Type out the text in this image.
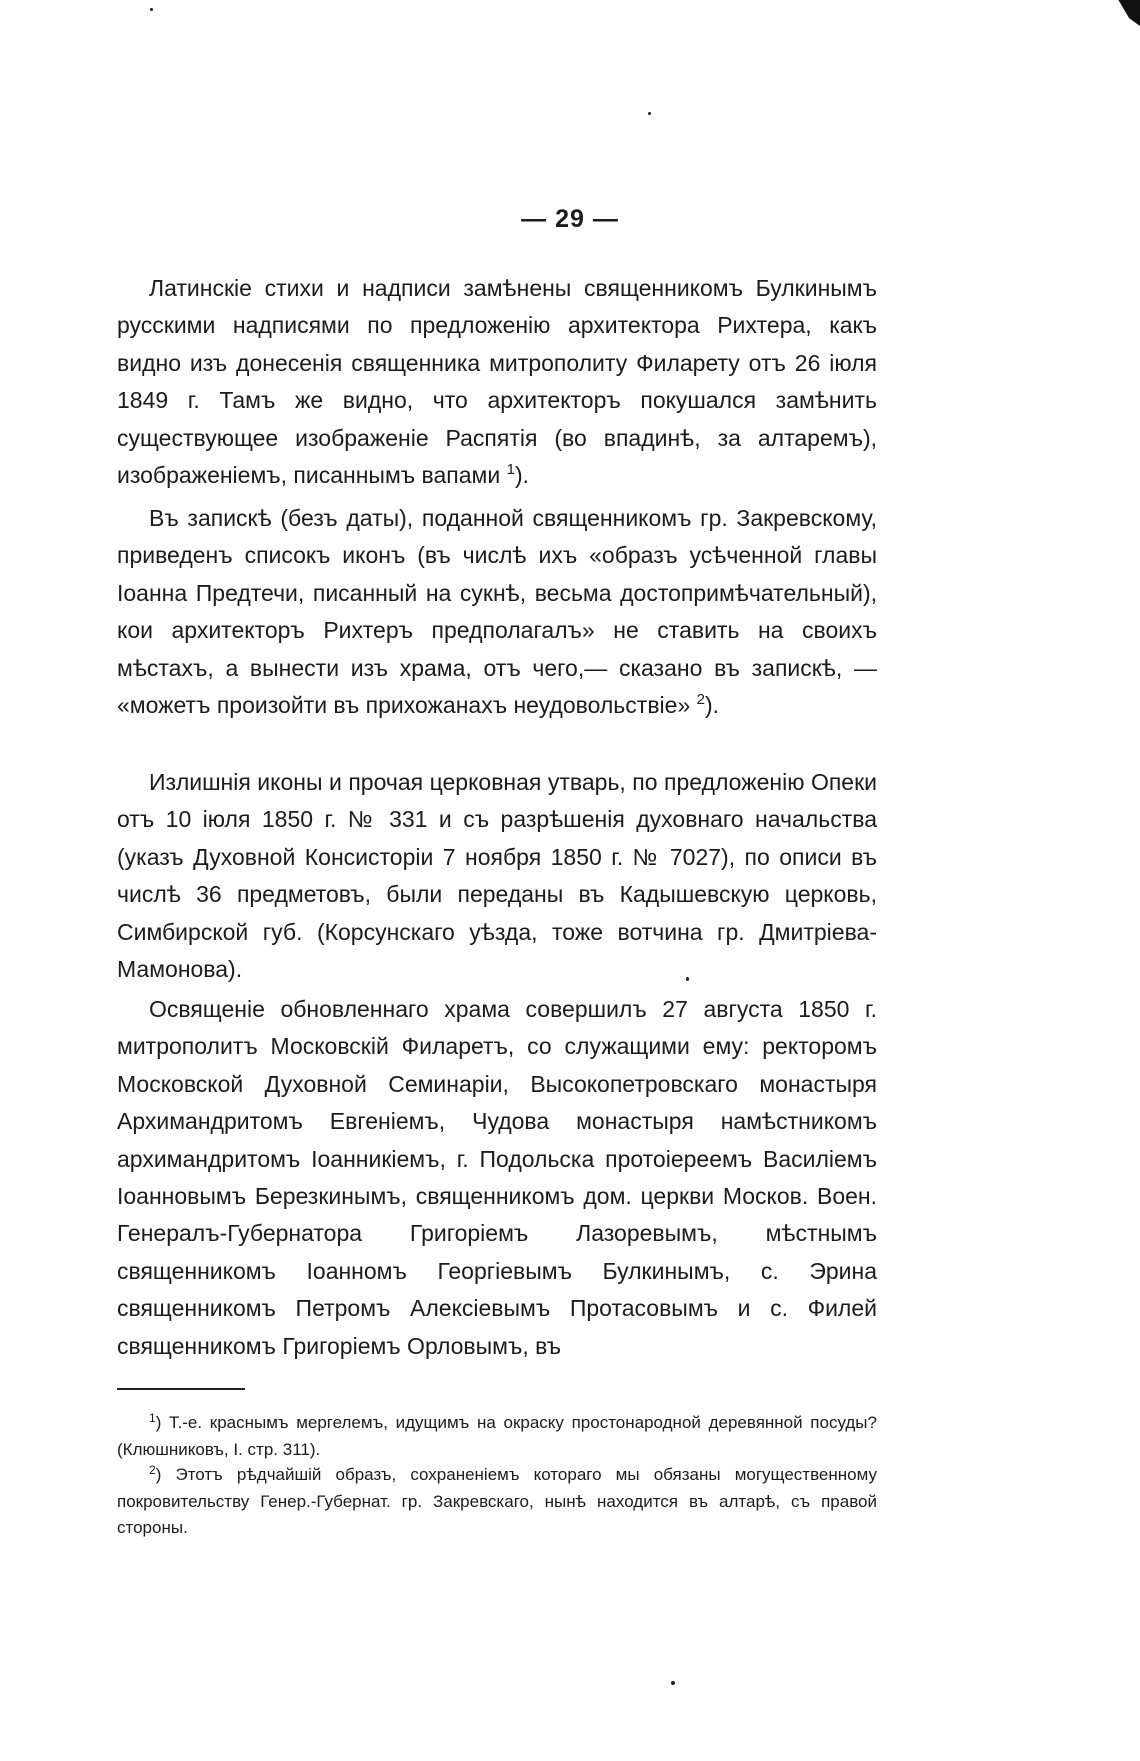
— 29 —

Латинскіе стихи и надписи замѣнены священникомъ Булкинымъ русскими надписями по предложенію архитектора Рихтера, какъ видно изъ донесенія священника митрополиту Филарету отъ 26 іюля 1849 г. Тамъ же видно, что архитекторъ покушался замѣнить существующее изображеніе Распятія (во впадинѣ, за алтаремъ), изображеніемъ, писаннымъ вапами $^1$).

Въ запискѣ (безъ даты), поданной священникомъ гр. Закревскому, приведенъ списокъ иконъ (въ числѣ ихъ «образъ усѣченной главы Іоанна Предтечи, писанный на сукнѣ, весьма достопримѣчательный), кои архитекторъ Рихтеръ предполагалъ» не ставить на своихъ мѣстахъ, а вынести изъ храма, отъ чего,— сказано въ запискѣ, — «можетъ произойти въ прихожанахъ неудовольствіе» $^2$).

Излишнія иконы и прочая церковная утварь, по предложенію Опеки отъ 10 іюля 1850 г. № 331 и съ разрѣшенія духовнаго начальства (указъ Духовной Консисторіи 7 ноября 1850 г. № 7027), по описи въ числѣ 36 предметовъ, были переданы въ Кадышевскую церковь, Симбирской губ. (Корсунскаго уѣзда, тоже вотчина гр. Дмитріева-Мамонова).

Освященіе обновленнаго храма совершилъ 27 августа 1850 г. митрополитъ Московскій Филаретъ, со служащими ему: ректоромъ Московской Духовной Семинаріи, Высокопетровскаго монастыря Архимандритомъ Евгеніемъ, Чудова монастыря намѣстникомъ архимандритомъ Іоанникіемъ, г. Подольска протоіереемъ Василіемъ Іоанновымъ Березкинымъ, священникомъ дом. церкви Москов. Воен. Генералъ-Губернатора Григоріемъ Лазоревымъ, мѣстнымъ священникомъ Іоанномъ Георгіевымъ Булкинымъ, с. Эрина священникомъ Петромъ Алексіевымъ Протасовымъ и с. Филей священникомъ Григоріемъ Орловымъ, въ

$^1$) Т.-е. краснымъ мергелемъ, идущимъ на окраску простонародной деревянной посуды? (Клюшниковъ, I. стр. 311).

$^2$) Этотъ рѣдчайшій образъ, сохраненіемъ котораго мы обязаны могущественному покровительству Генер.-Губернат. гр. Закревскаго, нынѣ находится въ алтарѣ, съ правой стороны.
